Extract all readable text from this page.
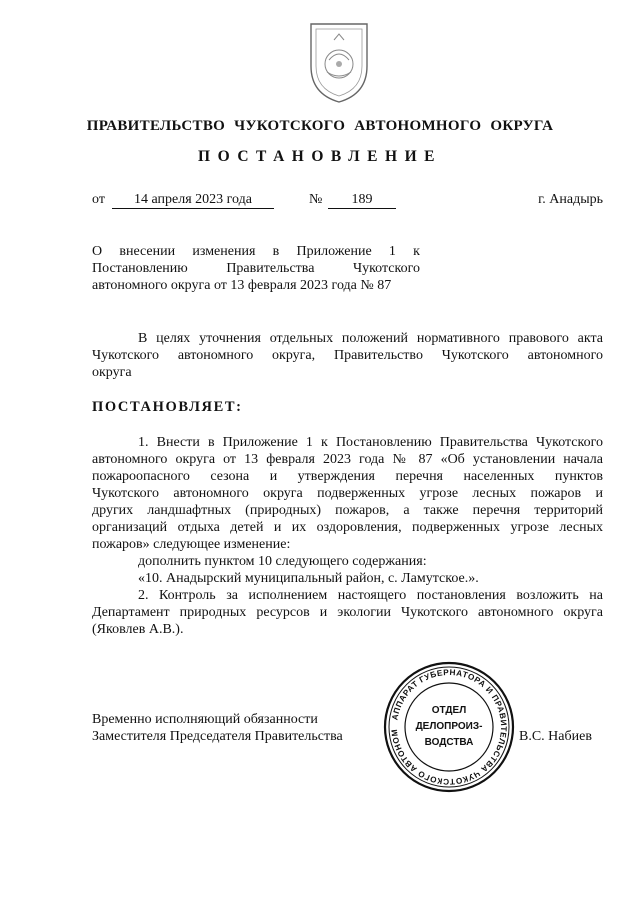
ПРАВИТЕЛЬСТВО ЧУКОТСКОГО АВТОНОМНОГО ОКРУГА
ПОСТАНОВЛЕНИЕ
от	14 апреля 2023 года	№	189	г. Анадырь
О внесении изменения в Приложение 1 к
Постановлению	Правительства	Чукотского
автономного округа от 13 февраля 2023 года № 87
В целях уточнения отдельных положений нормативного правового акта
Чукотского автономного округа, Правительство Чукотского автономного
округа
ПОСТАНОВЛЯЕТ:
1. Внести в Приложение 1 к Постановлению Правительства Чукотского
автономного округа от 13 февраля 2023 года № 87 «Об установлении начала
пожароопасного сезона и утверждения перечня населенных пунктов
Чукотского автономного округа подверженных угрозе лесных пожаров и
других ландшафтных (природных) пожаров, а также перечня территорий
организаций отдыха детей и их оздоровления, подверженных угрозе лесных
пожаров» следующее изменение:
дополнить пунктом 10 следующего содержания:
«10. Анадырский муниципальный район, с. Ламутское.».
2. Контроль за исполнением настоящего постановления возложить на
Департамент природных ресурсов и экологии Чукотского автономного округа
(Яковлев А.В.).
Временно исполняющий обязанности
Заместителя Председателя Правительства	В.С. Набиев
АППАРАТ ГУБЕРНАТОРА И ПРАВИТЕЛЬСТВА ЧУКОТСКОГО АВТОНОМ
ОТДЕЛ
ДЕЛОПРОИЗ-
ВОДСТВА
